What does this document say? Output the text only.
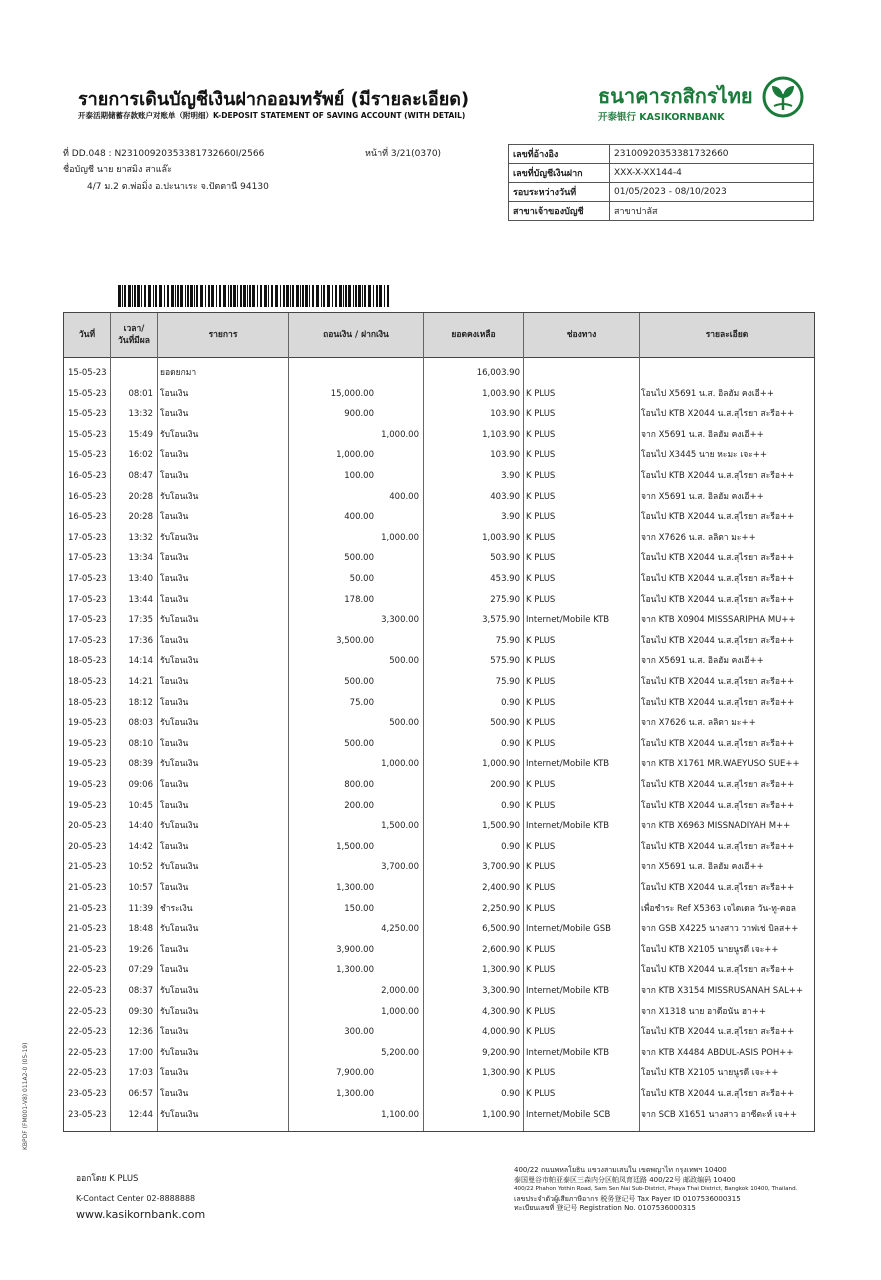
รายการเดินบัญชีเงินฝากออมทรัพย์ (มีรายละเอียด)
开泰活期储蓄存款账户对账单（附明细）K-DEPOSIT STATEMENT OF SAVING ACCOUNT (WITH DETAIL)
ธนาคารกสิกรไทย
开泰银行 KASIKORNBANK
ที่ DD.048 : N23100920353381732660I/2566	หน้าที่ 3/21(0370)
ชื่อบัญชี นาย ยาสมิง สาแล๊ะ
4/7 ม.2 ต.พ่อมิ่ง อ.ปะนาเระ จ.ปัตตานี 94130
เลขที่อ้างอิง	23100920353381732660
เลขที่บัญชีเงินฝาก	XXX-X-XX144-4
รอบระหว่างวันที่	01/05/2023 - 08/10/2023
สาขาเจ้าของบัญชี	สาขาปาลัส
วันที่
เวลา/
วันที่มีผล
รายการ	ถอนเงิน / ฝากเงิน	ยอดคงเหลือ	ช่องทาง	รายละเอียด
15-05-23	ยอดยกมา	16,003.90
15-05-23	08:01 โอนเงิน	15,000.00	1,003.90 K PLUS	โอนไป X5691 น.ส. อิลฮัม คงเอี++
15-05-23	13:32 โอนเงิน	900.00	103.90 K PLUS	โอนไป KTB X2044 น.ส.สุไรยา สะรีอ++
15-05-23	15:49 รับโอนเงิน	1,000.00	1,103.90 K PLUS	จาก X5691 น.ส. อิลฮัม คงเอี++
15-05-23	16:02 โอนเงิน	1,000.00	103.90 K PLUS	โอนไป X3445 นาย หะมะ เจะ++
16-05-23	08:47 โอนเงิน	100.00	3.90 K PLUS	โอนไป KTB X2044 น.ส.สุไรยา สะรีอ++
16-05-23	20:28 รับโอนเงิน	400.00	403.90 K PLUS	จาก X5691 น.ส. อิลฮัม คงเอี++
16-05-23	20:28 โอนเงิน	400.00	3.90 K PLUS	โอนไป KTB X2044 น.ส.สุไรยา สะรีอ++
17-05-23	13:32 รับโอนเงิน	1,000.00	1,003.90 K PLUS	จาก X7626 น.ส. ลลิตา มะ++
17-05-23	13:34 โอนเงิน	500.00	503.90 K PLUS	โอนไป KTB X2044 น.ส.สุไรยา สะรีอ++
17-05-23	13:40 โอนเงิน	50.00	453.90 K PLUS	โอนไป KTB X2044 น.ส.สุไรยา สะรีอ++
17-05-23	13:44 โอนเงิน	178.00	275.90 K PLUS	โอนไป KTB X2044 น.ส.สุไรยา สะรีอ++
17-05-23	17:35 รับโอนเงิน	3,300.00	3,575.90 Internet/Mobile KTB	จาก KTB X0904 MISSSARIPHA MU++
17-05-23	17:36 โอนเงิน	3,500.00	75.90 K PLUS	โอนไป KTB X2044 น.ส.สุไรยา สะรีอ++
18-05-23	14:14 รับโอนเงิน	500.00	575.90 K PLUS	จาก X5691 น.ส. อิลฮัม คงเอี++
18-05-23	14:21 โอนเงิน	500.00	75.90 K PLUS	โอนไป KTB X2044 น.ส.สุไรยา สะรีอ++
18-05-23	18:12 โอนเงิน	75.00	0.90 K PLUS	โอนไป KTB X2044 น.ส.สุไรยา สะรีอ++
19-05-23	08:03 รับโอนเงิน	500.00	500.90 K PLUS	จาก X7626 น.ส. ลลิตา มะ++
19-05-23	08:10 โอนเงิน	500.00	0.90 K PLUS	โอนไป KTB X2044 น.ส.สุไรยา สะรีอ++
19-05-23	08:39 รับโอนเงิน	1,000.00	1,000.90 Internet/Mobile KTB	จาก KTB X1761 MR.WAEYUSO SUE++
19-05-23	09:06 โอนเงิน	800.00	200.90 K PLUS	โอนไป KTB X2044 น.ส.สุไรยา สะรีอ++
19-05-23	10:45 โอนเงิน	200.00	0.90 K PLUS	โอนไป KTB X2044 น.ส.สุไรยา สะรีอ++
20-05-23	14:40 รับโอนเงิน	1,500.00	1,500.90 Internet/Mobile KTB	จาก KTB X6963 MISSNADIYAH M++
20-05-23	14:42 โอนเงิน	1,500.00	0.90 K PLUS	โอนไป KTB X2044 น.ส.สุไรยา สะรีอ++
21-05-23	10:52 รับโอนเงิน	3,700.00	3,700.90 K PLUS	จาก X5691 น.ส. อิลฮัม คงเอี++
21-05-23	10:57 โอนเงิน	1,300.00	2,400.90 K PLUS	โอนไป KTB X2044 น.ส.สุไรยา สะรีอ++
21-05-23	11:39 ชำระเงิน	150.00	2,250.90 K PLUS	เพื่อชำระ Ref X5363 เจไดเดล วัน-ทู-คอล
21-05-23	18:48 รับโอนเงิน	4,250.00	6,500.90 Internet/Mobile GSB	จาก GSB X4225 นางสาว วาฟเช่ บิลส++
21-05-23	19:26 โอนเงิน	3,900.00	2,600.90 K PLUS	โอนไป KTB X2105 นายนูรดี เจะ++
22-05-23	07:29 โอนเงิน	1,300.00	1,300.90 K PLUS	โอนไป KTB X2044 น.ส.สุไรยา สะรีอ++
22-05-23	08:37 รับโอนเงิน	2,000.00	3,300.90 Internet/Mobile KTB	จาก KTB X3154 MISSRUSANAH SAL++
22-05-23	09:30 รับโอนเงิน	1,000.00	4,300.90 K PLUS	จาก X1318 นาย อาดีอนัน ฮา++
22-05-23	12:36 โอนเงิน	300.00	4,000.90 K PLUS	โอนไป KTB X2044 น.ส.สุไรยา สะรีอ++
22-05-23	17:00 รับโอนเงิน	5,200.00	9,200.90 Internet/Mobile KTB	จาก KTB X4484 ABDUL-ASIS POH++
22-05-23	17:03 โอนเงิน	7,900.00	1,300.90 K PLUS	โอนไป KTB X2105 นายนูรดี เจะ++
23-05-23	06:57 โอนเงิน	1,300.00	0.90 K PLUS	โอนไป KTB X2044 น.ส.สุไรยา สะรีอ++
23-05-23	12:44 รับโอนเงิน	1,100.00	1,100.90 Internet/Mobile SCB	จาก SCB X1651 นางสาว อาซีตะห์ เจ++
KBPDF (FM001-V8) 011A2-0 (05-19)
ออกโดย K PLUS
K-Contact Center 02-8888888
www.kasikornbank.com
400/22 ถนนพหลโยธิน แขวงสามเสนใน เขตพญาไท กรุงเทพฯ 10400
泰国曼谷市帕亚泰区三森内分区帕凤育廷路 400/22号 邮政编码 10400
400/22 Phahon Yothin Road, Sam Sen Nai Sub-District, Phaya Thai District, Bangkok 10400, Thailand.
เลขประจำตัวผู้เสียภาษีอากร 税务登记号 Tax Payer ID 0107536000315
ทะเบียนเลขที่ 登记号 Registration No. 0107536000315
